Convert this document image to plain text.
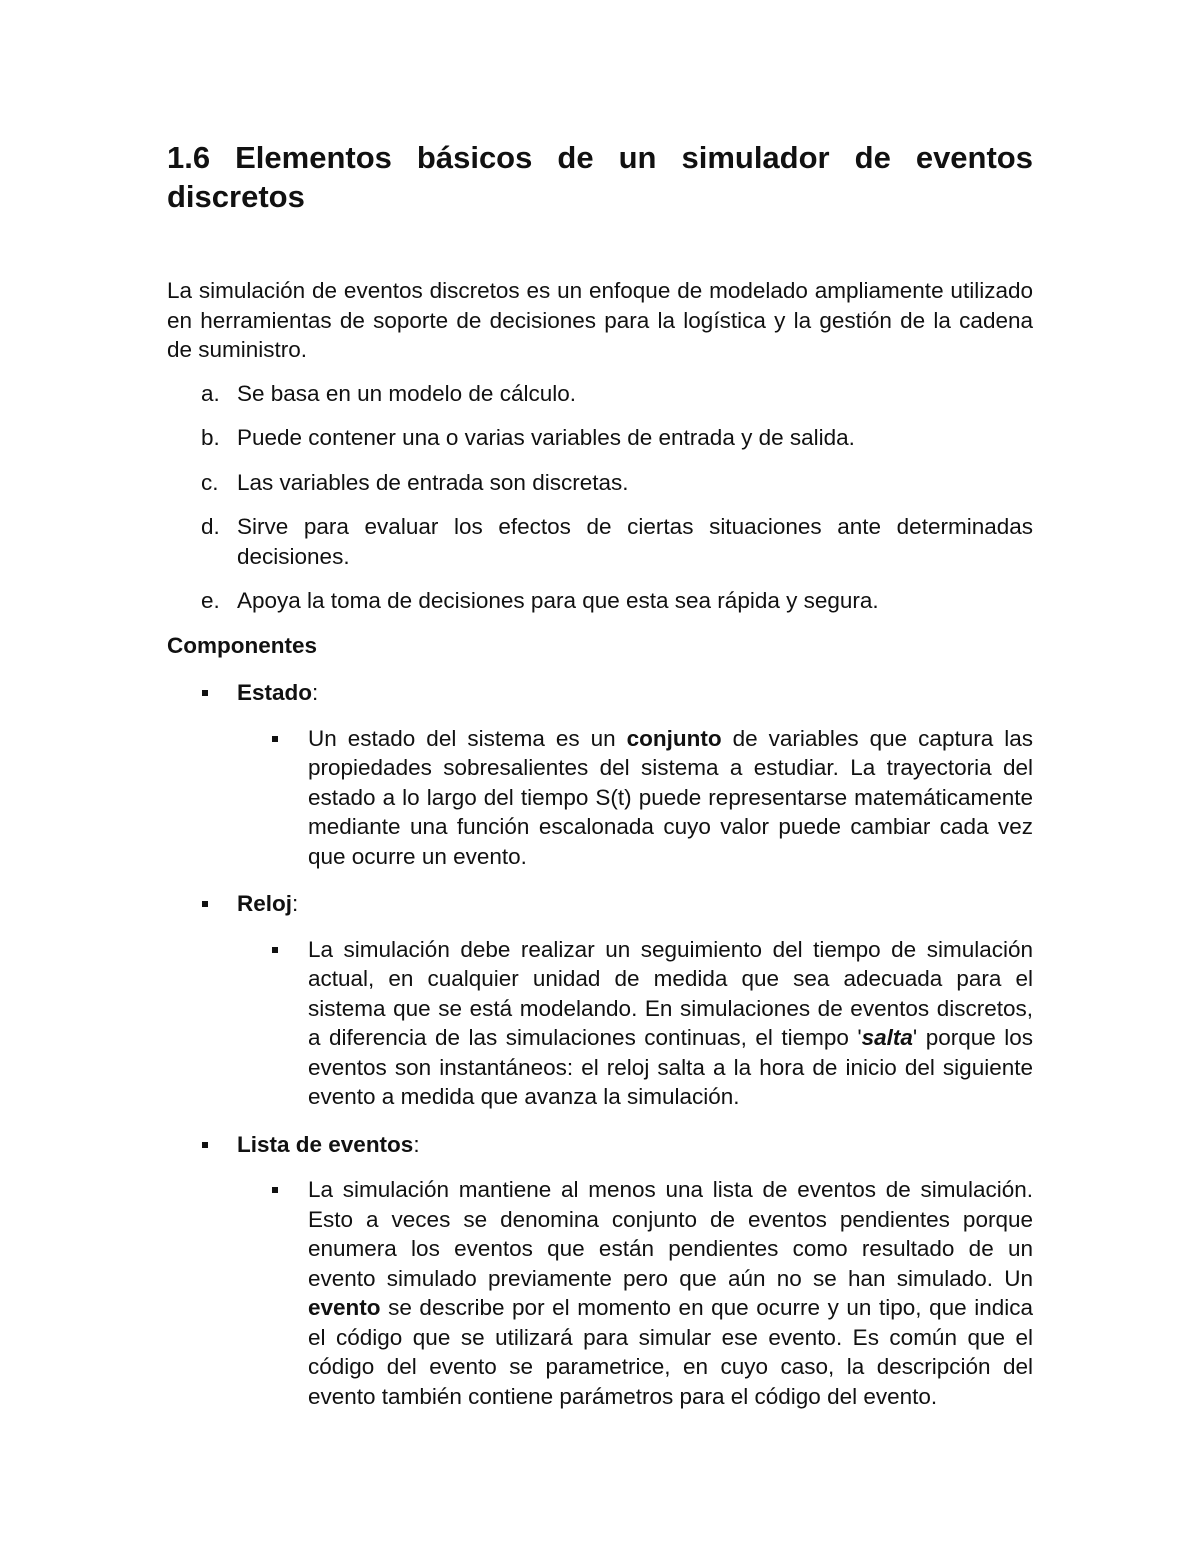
1.6 Elementos básicos de un simulador de eventos discretos

La simulación de eventos discretos es un enfoque de modelado ampliamente utilizado en herramientas de soporte de decisiones para la logística y la gestión de la cadena de suministro.

a. Se basa en un modelo de cálculo.
b. Puede contener una o varias variables de entrada y de salida.
c. Las variables de entrada son discretas.
d. Sirve para evaluar los efectos de ciertas situaciones ante determinadas decisiones.
e. Apoya la toma de decisiones para que esta sea rápida y segura.
Componentes
Estado:
Un estado del sistema es un conjunto de variables que captura las propiedades sobresalientes del sistema a estudiar. La trayectoria del estado a lo largo del tiempo S(t) puede representarse matemáticamente mediante una función escalonada cuyo valor puede cambiar cada vez que ocurre un evento.
Reloj:
La simulación debe realizar un seguimiento del tiempo de simulación actual, en cualquier unidad de medida que sea adecuada para el sistema que se está modelando. En simulaciones de eventos discretos, a diferencia de las simulaciones continuas, el tiempo 'salta' porque los eventos son instantáneos: el reloj salta a la hora de inicio del siguiente evento a medida que avanza la simulación.
Lista de eventos:
La simulación mantiene al menos una lista de eventos de simulación. Esto a veces se denomina conjunto de eventos pendientes porque enumera los eventos que están pendientes como resultado de un evento simulado previamente pero que aún no se han simulado. Un evento se describe por el momento en que ocurre y un tipo, que indica el código que se utilizará para simular ese evento. Es común que el código del evento se parametrice, en cuyo caso, la descripción del evento también contiene parámetros para el código del evento.
